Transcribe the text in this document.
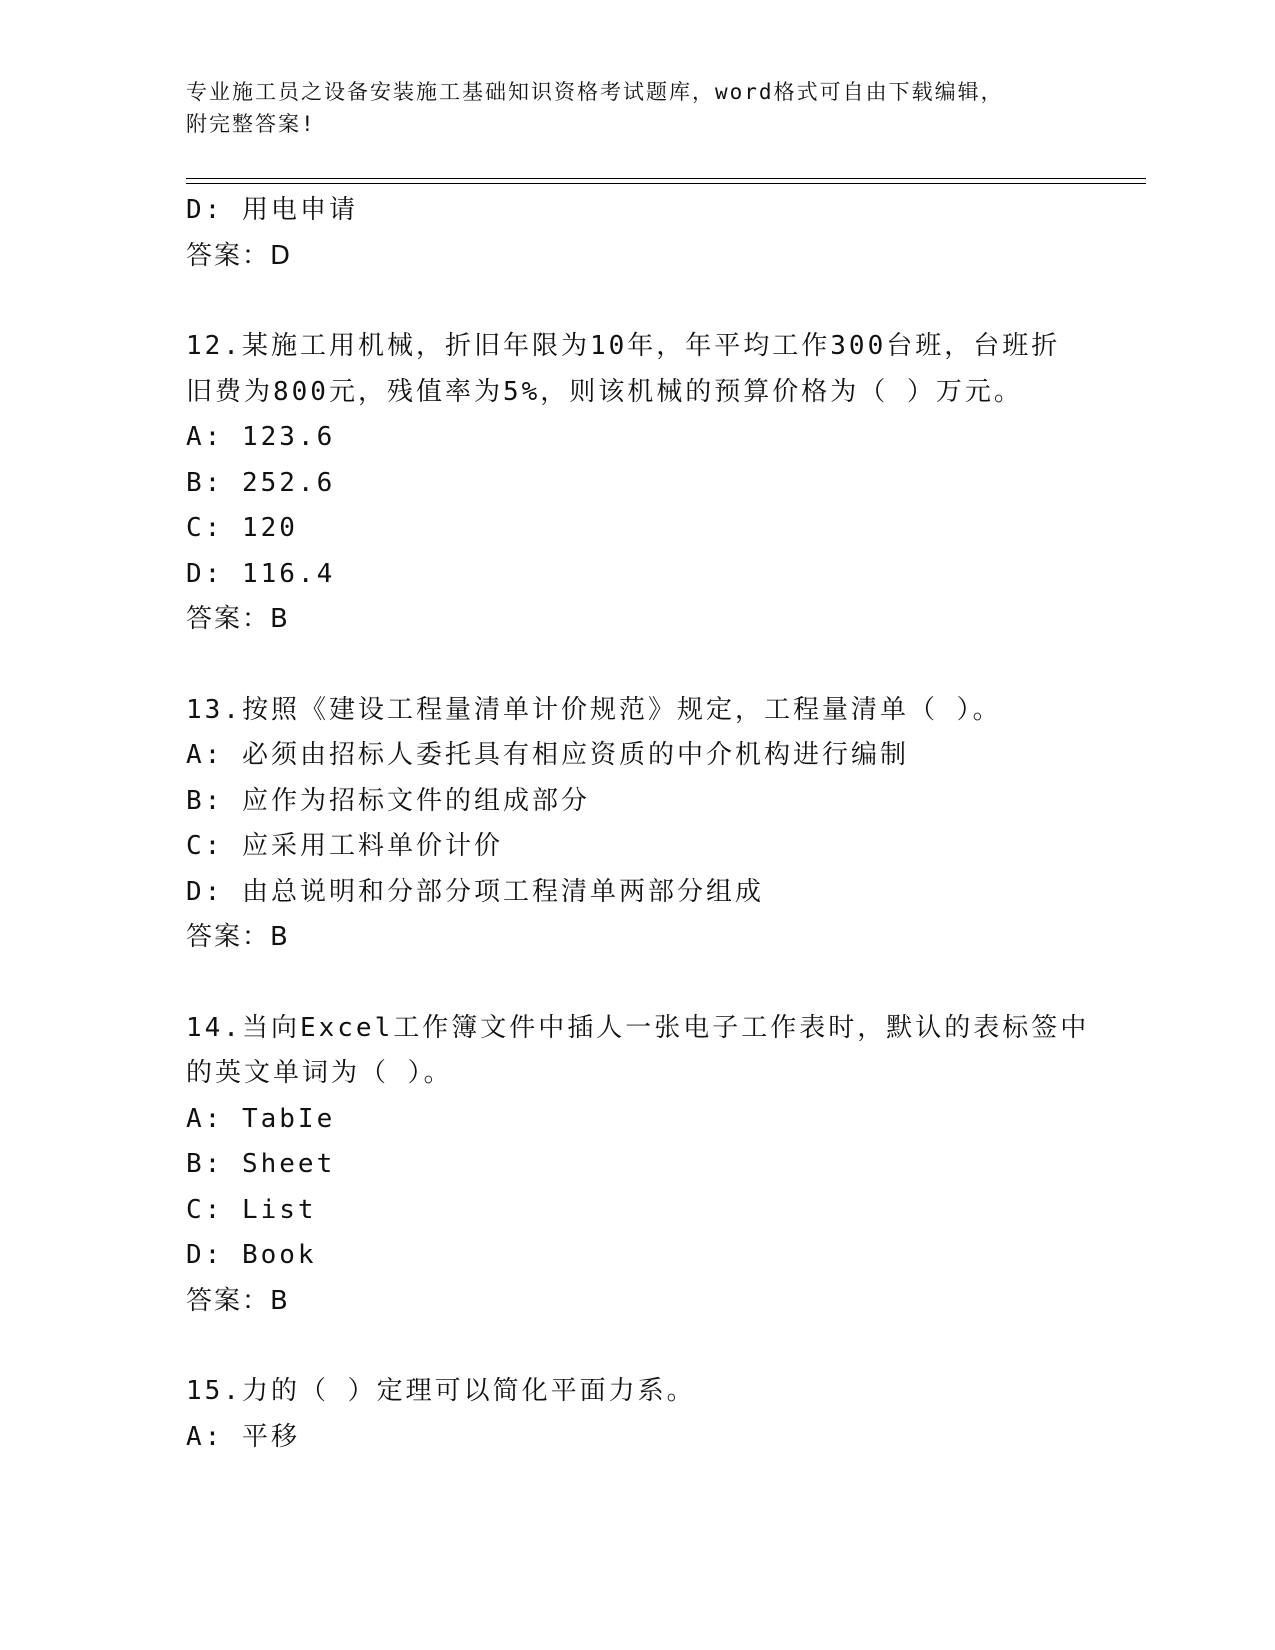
专业施工员之设备安装施工基础知识资格考试题库，word格式可自由下载编辑，
附完整答案!
D: 用电申请
答案：D
12.某施工用机械，折旧年限为10年，年平均工作300台班，台班折
旧费为800元，残值率为5%，则该机械的预算价格为（ ）万元。
A: 123.6
B: 252.6
C: 120
D: 116.4
答案：B
13.按照《建设工程量清单计价规范》规定，工程量清单（ ）。
A: 必须由招标人委托具有相应资质的中介机构进行编制
B: 应作为招标文件的组成部分
C: 应采用工料单价计价
D: 由总说明和分部分项工程清单两部分组成
答案：B
14.当向Excel工作簿文件中插人一张电子工作表时，默认的表标签中
的英文单词为（ ）。
A: TabIe
B: Sheet
C: List
D: Book
答案：B
15.力的（ ）定理可以简化平面力系。
A: 平移
